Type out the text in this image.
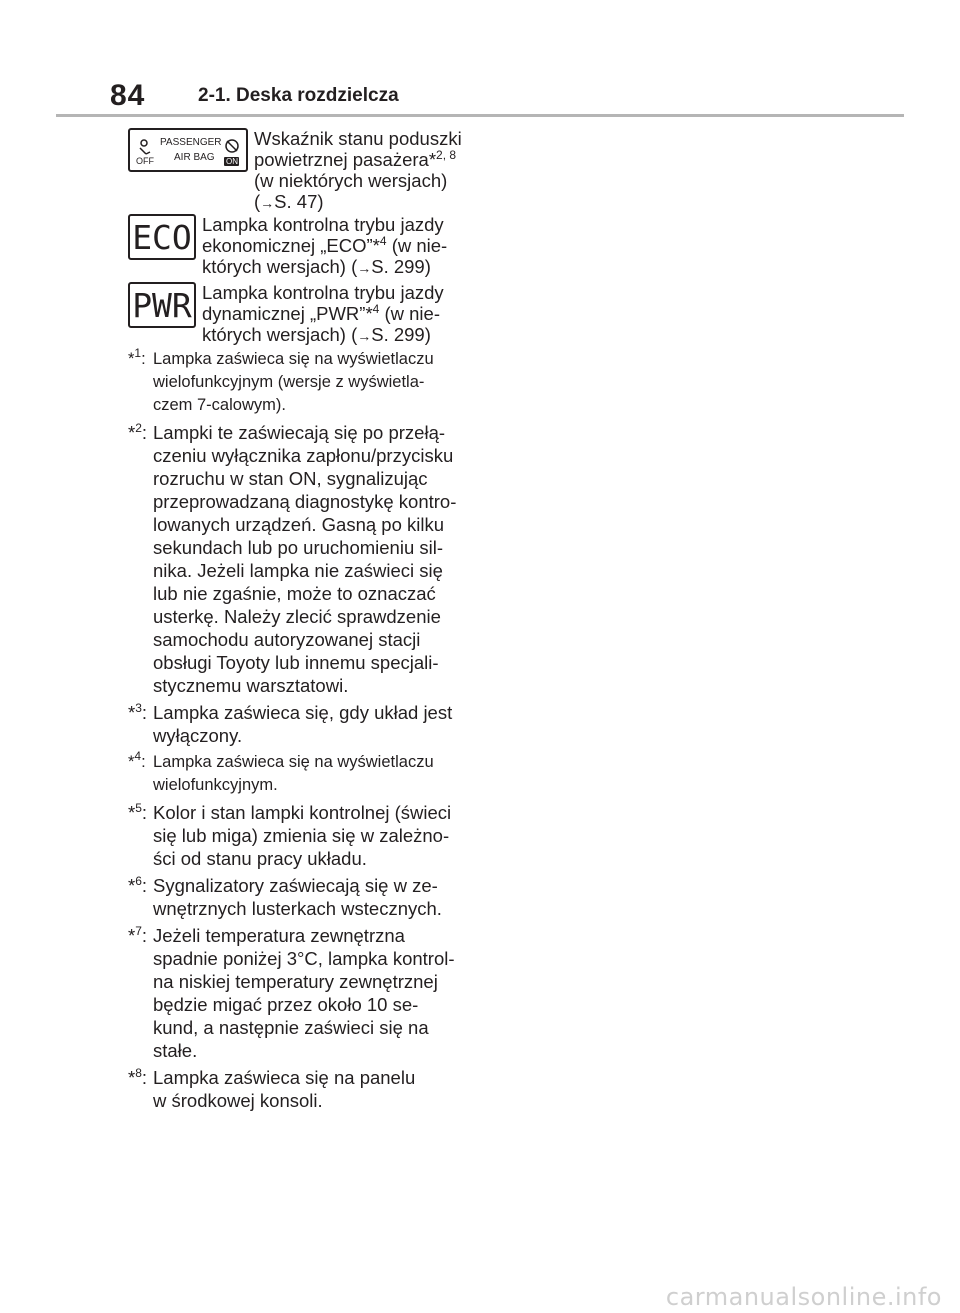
84	2-1. Deska rozdzielcza
PASSENGER
AIR BAG
OFF	ON
Wskaźnik stanu poduszki
powietrznej pasażera*$^{2, 8}$
(w niektórych wersjach)
(→S. 47)
ECO Lampka kontrolna trybu jazdy
ekonomicznej „ECO”*$^4$ (w nie-
których wersjach) (→S. 299)
PWR Lampka kontrolna trybu jazdy
dynamicznej „PWR”*$^4$ (w nie-
których wersjach) (→S. 299)
*$^1$: Lampka zaświeca się na wyświetlaczu
wielofunkcyjnym (wersje z wyświetla-
czem 7-calowym).
*$^2$: Lampki te zaświecają się po przełą-
czeniu wyłącznika zapłonu/przycisku
rozruchu w stan ON, sygnalizując
przeprowadzaną diagnostykę kontro-
lowanych urządzeń. Gasną po kilku
sekundach lub po uruchomieniu sil-
nika. Jeżeli lampka nie zaświeci się
lub nie zgaśnie, może to oznaczać
usterkę. Należy zlecić sprawdzenie
samochodu autoryzowanej stacji
obsługi Toyoty lub innemu specjali-
stycznemu warsztatowi.
*$^3$: Lampka zaświeca się, gdy układ jest
wyłączony.
*$^4$: Lampka zaświeca się na wyświetlaczu
wielofunkcyjnym.
*$^5$: Kolor i stan lampki kontrolnej (świeci
się lub miga) zmienia się w zależno-
ści od stanu pracy układu.
*$^6$: Sygnalizatory zaświecają się w ze-
wnętrznych lusterkach wstecznych.
*$^7$: Jeżeli temperatura zewnętrzna
spadnie poniżej 3°C, lampka kontrol-
na niskiej temperatury zewnętrznej
będzie migać przez około 10 se-
kund, a następnie zaświeci się na
stałe.
*$^8$: Lampka zaświeca się na panelu
w środkowej konsoli.
carmanualsonline.info
